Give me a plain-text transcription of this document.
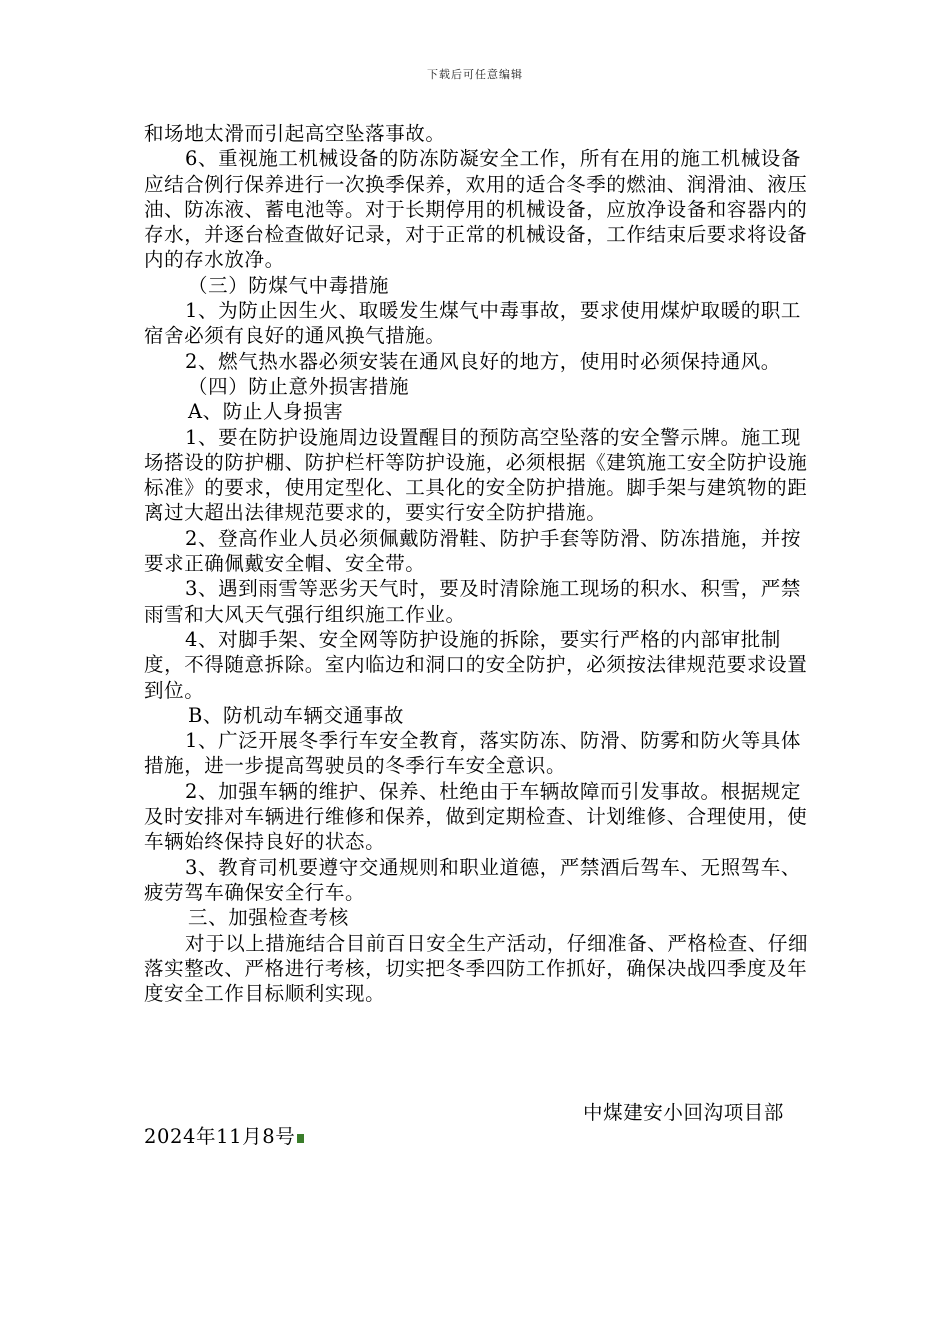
下载后可任意编辑

和场地太滑而引起高空坠落事故。

6、重视施工机械设备的防冻防凝安全工作，所有在用的施工机械设备应结合例行保养进行一次换季保养，欢用的适合冬季的燃油、润滑油、液压油、防冻液、蓄电池等。对于长期停用的机械设备，应放净设备和容器内的存水，并逐台检查做好记录，对于正常的机械设备，工作结束后要求将设备内的存水放净。

（三）防煤气中毒措施

1、为防止因生火、取暖发生煤气中毒事故，要求使用煤炉取暖的职工宿舍必须有良好的通风换气措施。

2、燃气热水器必须安装在通风良好的地方，使用时必须保持通风。

（四）防止意外损害措施

A、防止人身损害

1、要在防护设施周边设置醒目的预防高空坠落的安全警示牌。施工现场搭设的防护棚、防护栏杆等防护设施，必须根据《建筑施工安全防护设施标准》的要求，使用定型化、工具化的安全防护措施。脚手架与建筑物的距离过大超出法律规范要求的，要实行安全防护措施。

2、登高作业人员必须佩戴防滑鞋、防护手套等防滑、防冻措施，并按要求正确佩戴安全帽、安全带。

3、遇到雨雪等恶劣天气时，要及时清除施工现场的积水、积雪，严禁雨雪和大风天气强行组织施工作业。

4、对脚手架、安全网等防护设施的拆除，要实行严格的内部审批制度，不得随意拆除。室内临边和洞口的安全防护，必须按法律规范要求设置到位。

B、防机动车辆交通事故

1、广泛开展冬季行车安全教育，落实防冻、防滑、防雾和防火等具体措施，进一步提高驾驶员的冬季行车安全意识。

2、加强车辆的维护、保养、杜绝由于车辆故障而引发事故。根据规定及时安排对车辆进行维修和保养，做到定期检查、计划维修、合理使用，使车辆始终保持良好的状态。

3、教育司机要遵守交通规则和职业道德，严禁酒后驾车、无照驾车、疲劳驾车确保安全行车。

三、加强检查考核

对于以上措施结合目前百日安全生产活动，仔细准备、严格检查、仔细落实整改、严格进行考核，切实把冬季四防工作抓好，确保决战四季度及年度安全工作目标顺利实现。

中煤建安小回沟项目部
2024年11月8号
